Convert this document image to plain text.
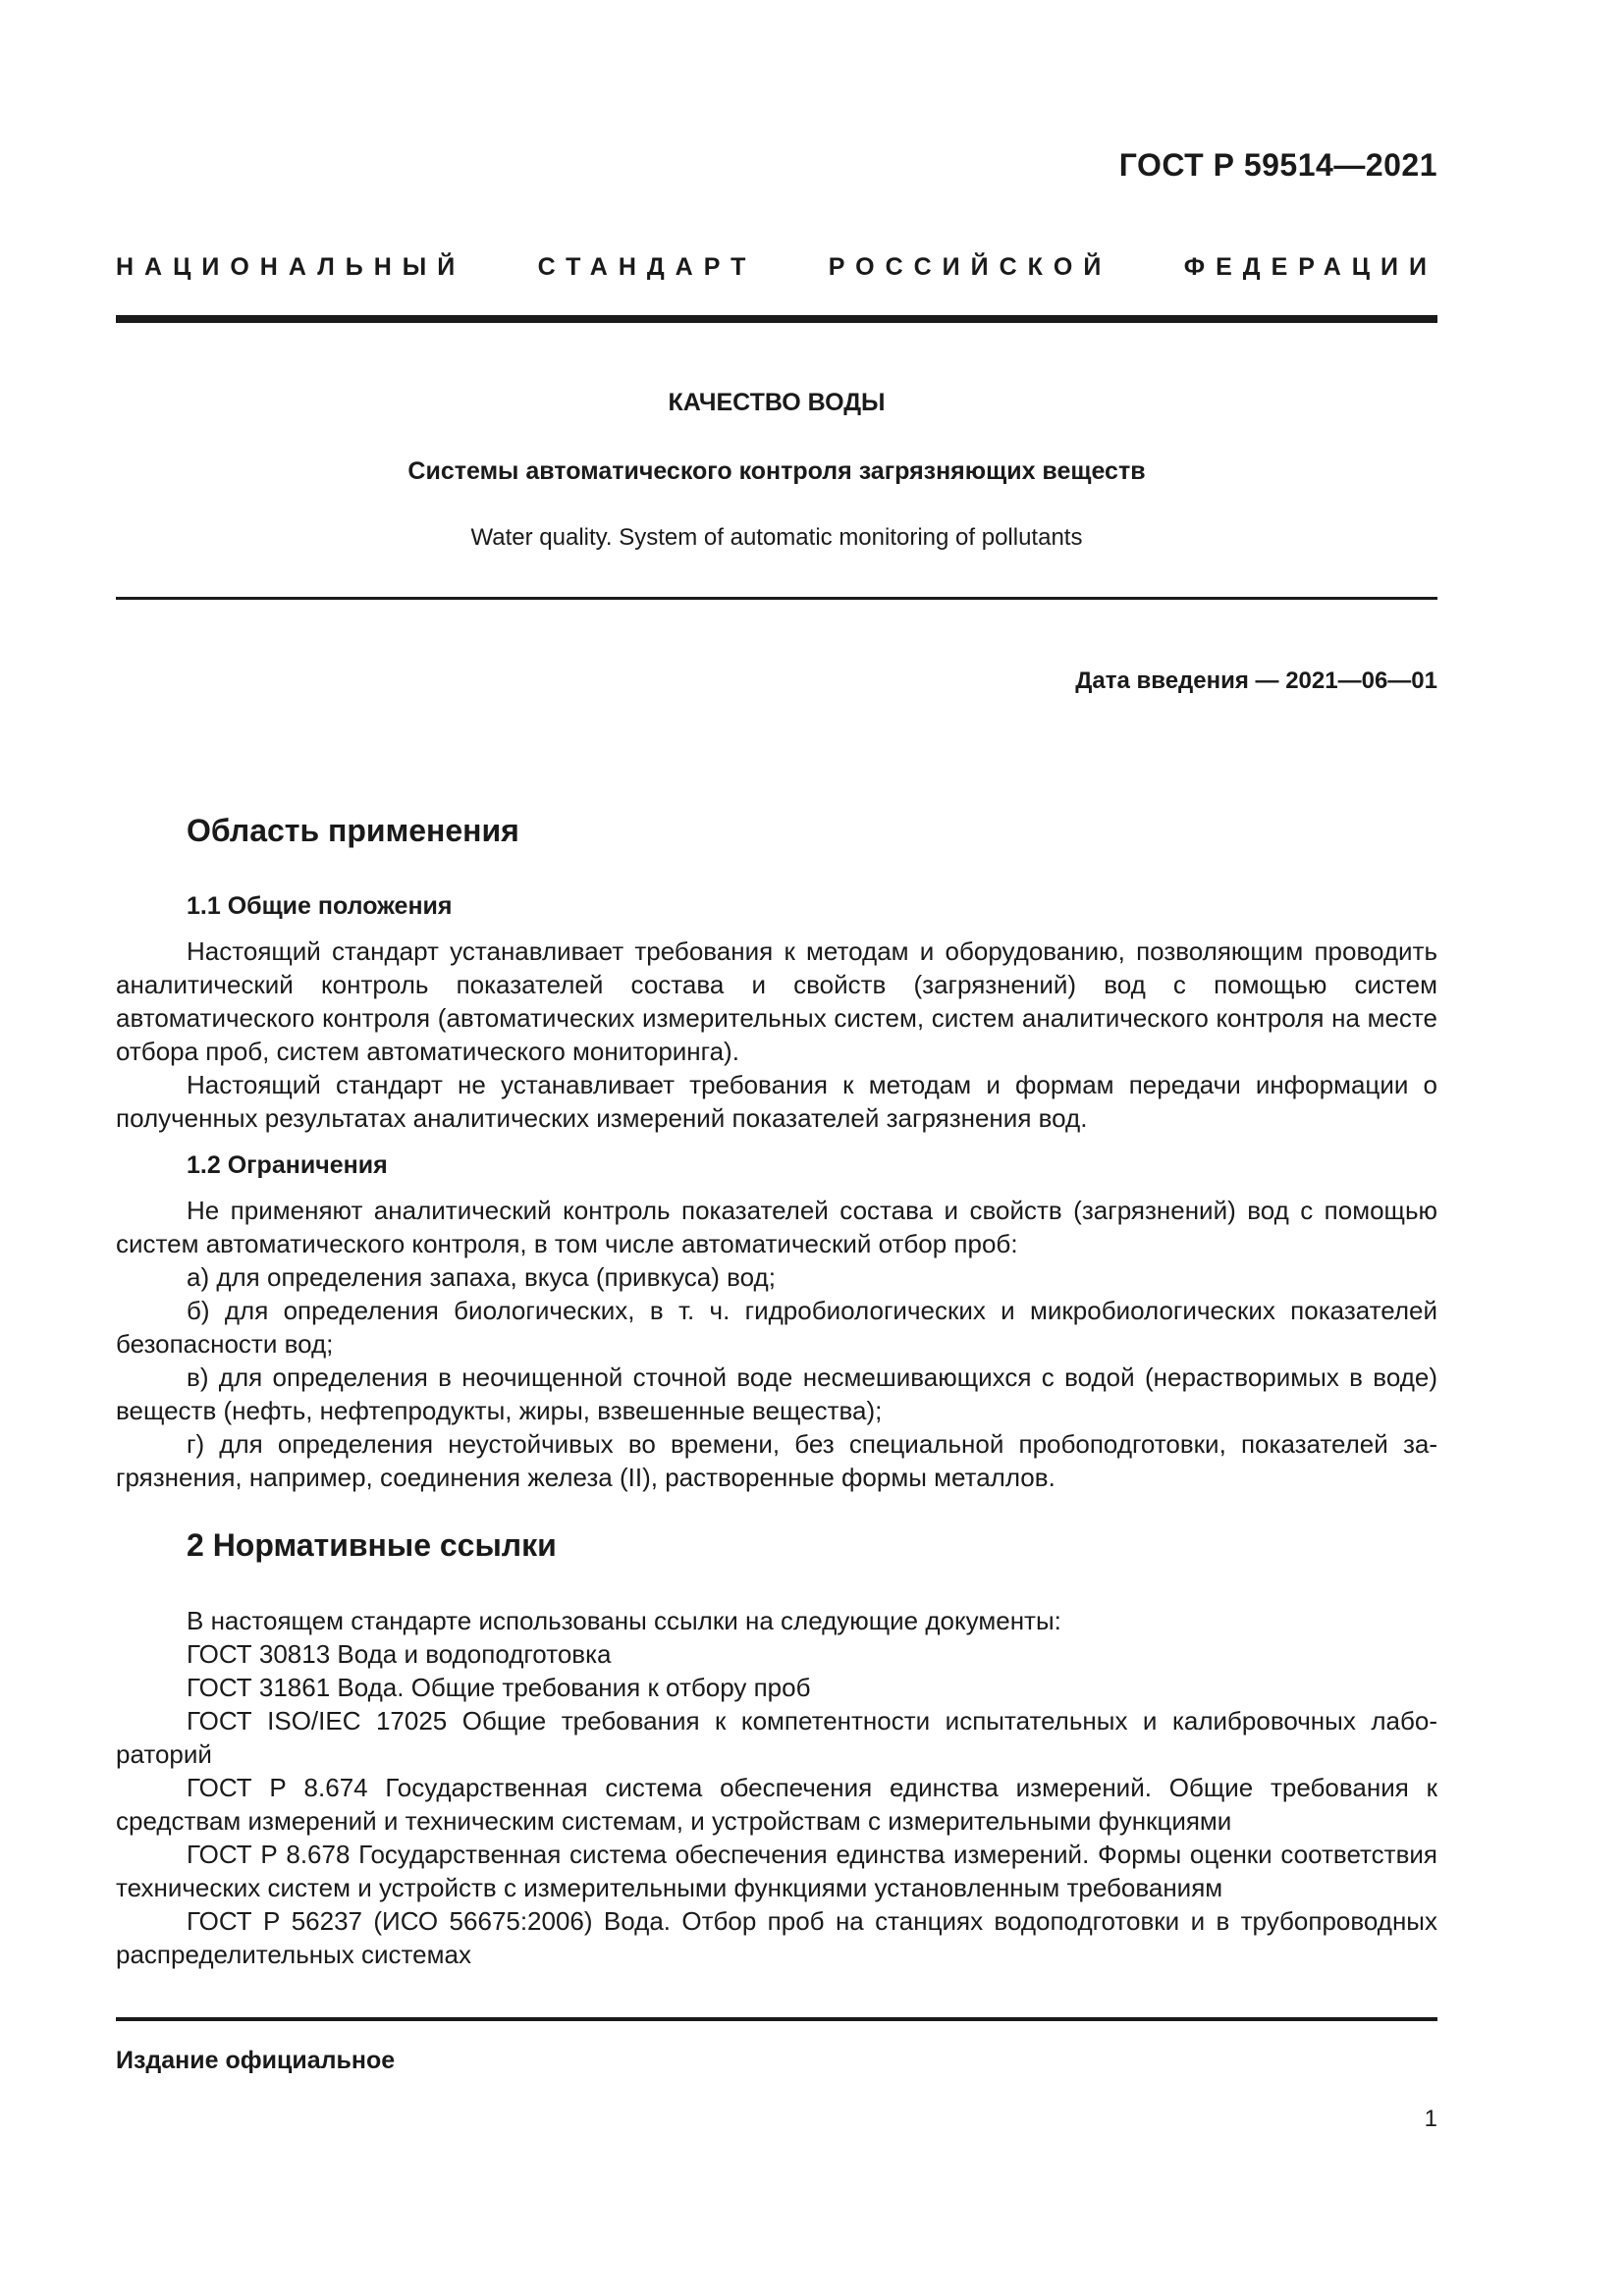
ГОСТ Р 59514—2021
НАЦИОНАЛЬНЫЙ СТАНДАРТ РОССИЙСКОЙ ФЕДЕРАЦИИ
КАЧЕСТВО ВОДЫ
Системы автоматического контроля загрязняющих веществ
Water quality. System of automatic monitoring of pollutants
Дата введения — 2021—06—01
Область применения
1.1 Общие положения

Настоящий стандарт устанавливает требования к методам и оборудованию, позволяющим проводить аналитический контроль показателей состава и свойств (загрязнений) вод с помощью систем автоматического контроля (автоматических измерительных систем, систем аналитического контроля на месте отбора проб, систем автоматического мониторинга).

Настоящий стандарт не устанавливает требования к методам и формам передачи информации о полученных результатах аналитических измерений показателей загрязнения вод.

1.2 Ограничения

Не применяют аналитический контроль показателей состава и свойств (загрязнений) вод с помощью систем автоматического контроля, в том числе автоматический отбор проб:

а) для определения запаха, вкуса (привкуса) вод;

б) для определения биологических, в т. ч. гидробиологических и микробиологических показателей безопасности вод;

в) для определения в неочищенной сточной воде несмешивающихся с водой (нерастворимых в воде) веществ (нефть, нефтепродукты, жиры, взвешенные вещества);

г) для определения неустойчивых во времени, без специальной пробоподготовки, показателей загрязнения, например, соединения железа (II), растворенные формы металлов.

2 Нормативные ссылки

В настоящем стандарте использованы ссылки на следующие документы:

ГОСТ 30813 Вода и водоподготовка

ГОСТ 31861 Вода. Общие требования к отбору проб

ГОСТ ISO/IEC 17025 Общие требования к компетентности испытательных и калибровочных лабораторий

ГОСТ Р 8.674 Государственная система обеспечения единства измерений. Общие требования к средствам измерений и техническим системам, и устройствам с измерительными функциями

ГОСТ Р 8.678 Государственная система обеспечения единства измерений. Формы оценки соответствия технических систем и устройств с измерительными функциями установленным требованиям

ГОСТ Р 56237 (ИСО 56675:2006) Вода. Отбор проб на станциях водоподготовки и в трубопроводных распределительных системах

Издание официальное
1
